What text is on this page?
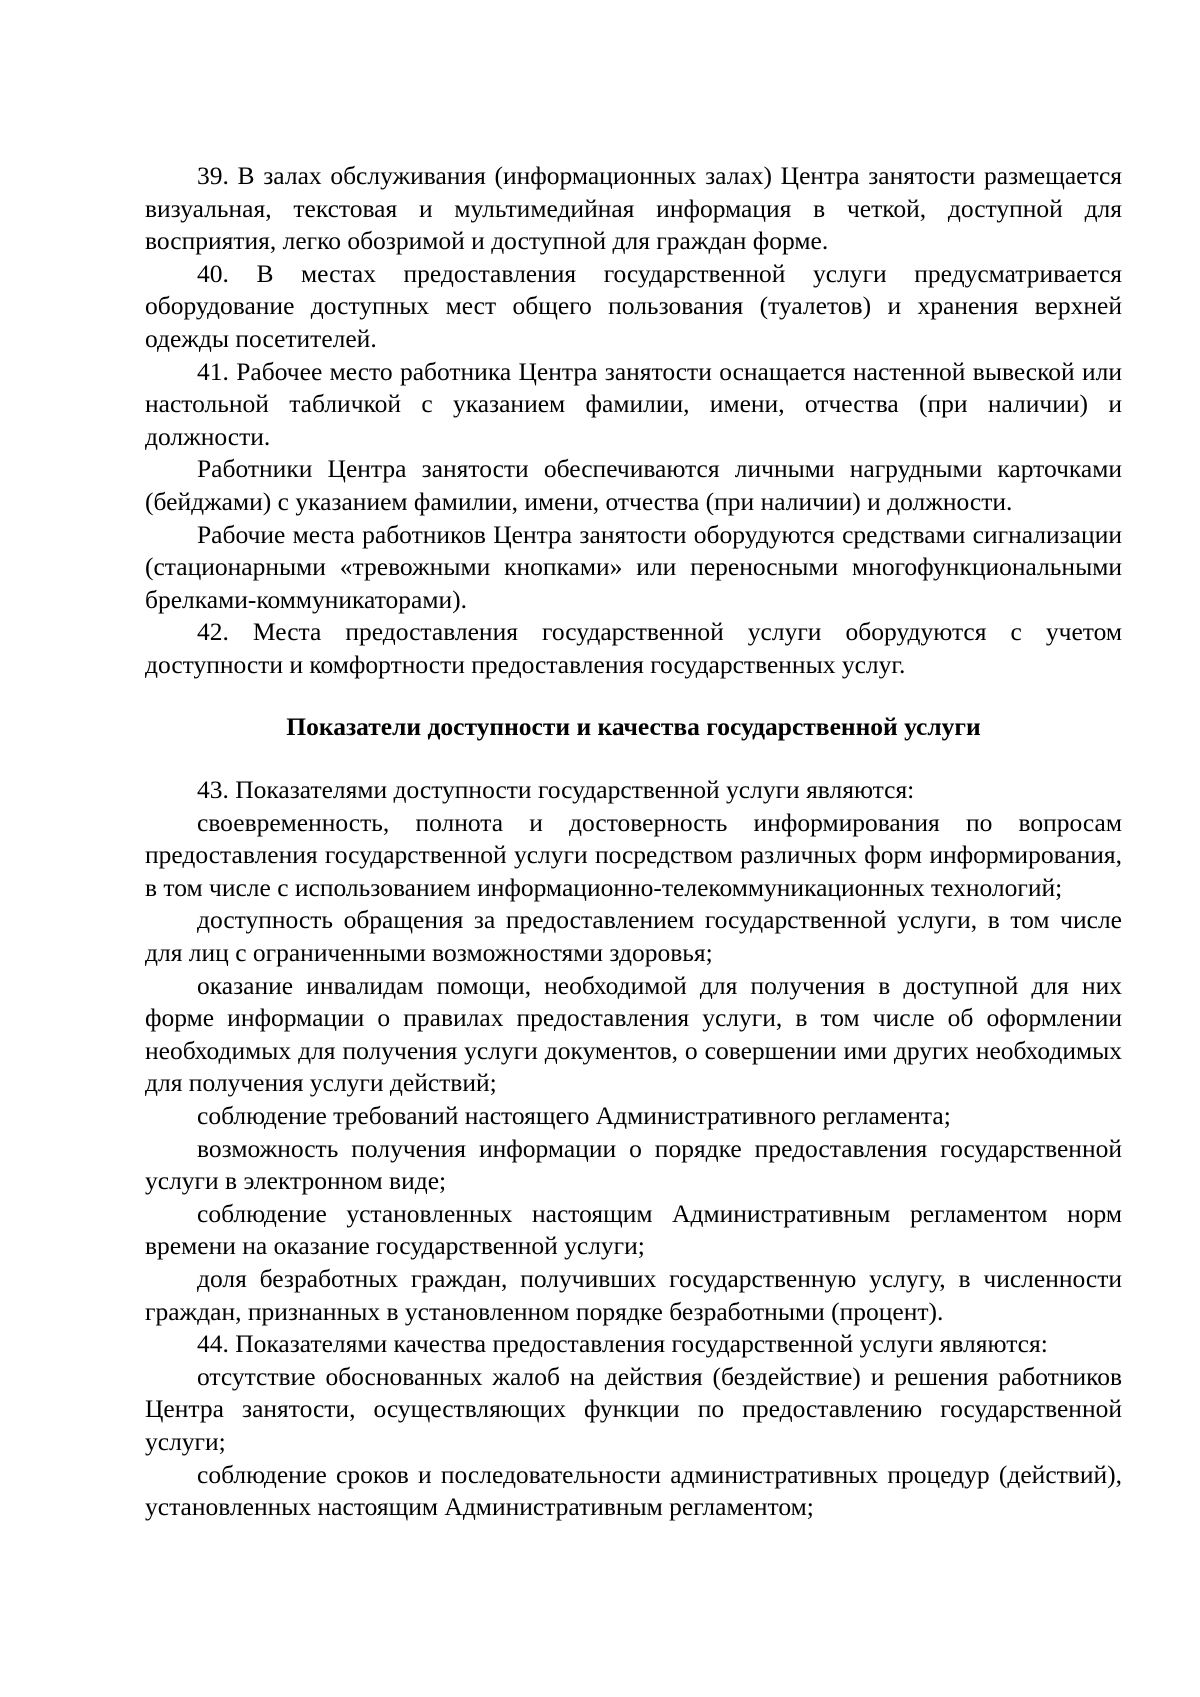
39. В залах обслуживания (информационных залах) Центра занятости размещается визуальная, текстовая и мультимедийная информация в четкой, доступной для восприятия, легко обозримой и доступной для граждан форме.

40. В местах предоставления государственной услуги предусматривается оборудование доступных мест общего пользования (туалетов) и хранения верхней одежды посетителей.

41. Рабочее место работника Центра занятости оснащается настенной вывеской или настольной табличкой с указанием фамилии, имени, отчества (при наличии) и должности.

Работники Центра занятости обеспечиваются личными нагрудными карточками (бейджами) с указанием фамилии, имени, отчества (при наличии) и должности.

Рабочие места работников Центра занятости оборудуются средствами сигнализации (стационарными «тревожными кнопками» или переносными многофункциональными брелками-коммуникаторами).

42. Места предоставления государственной услуги оборудуются с учетом доступности и комфортности предоставления государственных услуг.

Показатели доступности и качества государственной услуги

43. Показателями доступности государственной услуги являются:

своевременность, полнота и достоверность информирования по вопросам предоставления государственной услуги посредством различных форм информирования, в том числе с использованием информационно-телекоммуникационных технологий;

доступность обращения за предоставлением государственной услуги, в том числе для лиц с ограниченными возможностями здоровья;

оказание инвалидам помощи, необходимой для получения в доступной для них форме информации о правилах предоставления услуги, в том числе об оформлении необходимых для получения услуги документов, о совершении ими других необходимых для получения услуги действий;

соблюдение требований настоящего Административного регламента;

возможность получения информации о порядке предоставления государственной услуги в электронном виде;

соблюдение установленных настоящим Административным регламентом норм времени на оказание государственной услуги;

доля безработных граждан, получивших государственную услугу, в численности граждан, признанных в установленном порядке безработными (процент).

44. Показателями качества предоставления государственной услуги являются:

отсутствие обоснованных жалоб на действия (бездействие) и решения работников Центра занятости, осуществляющих функции по предоставлению государственной услуги;

соблюдение сроков и последовательности административных процедур (действий), установленных настоящим Административным регламентом;
